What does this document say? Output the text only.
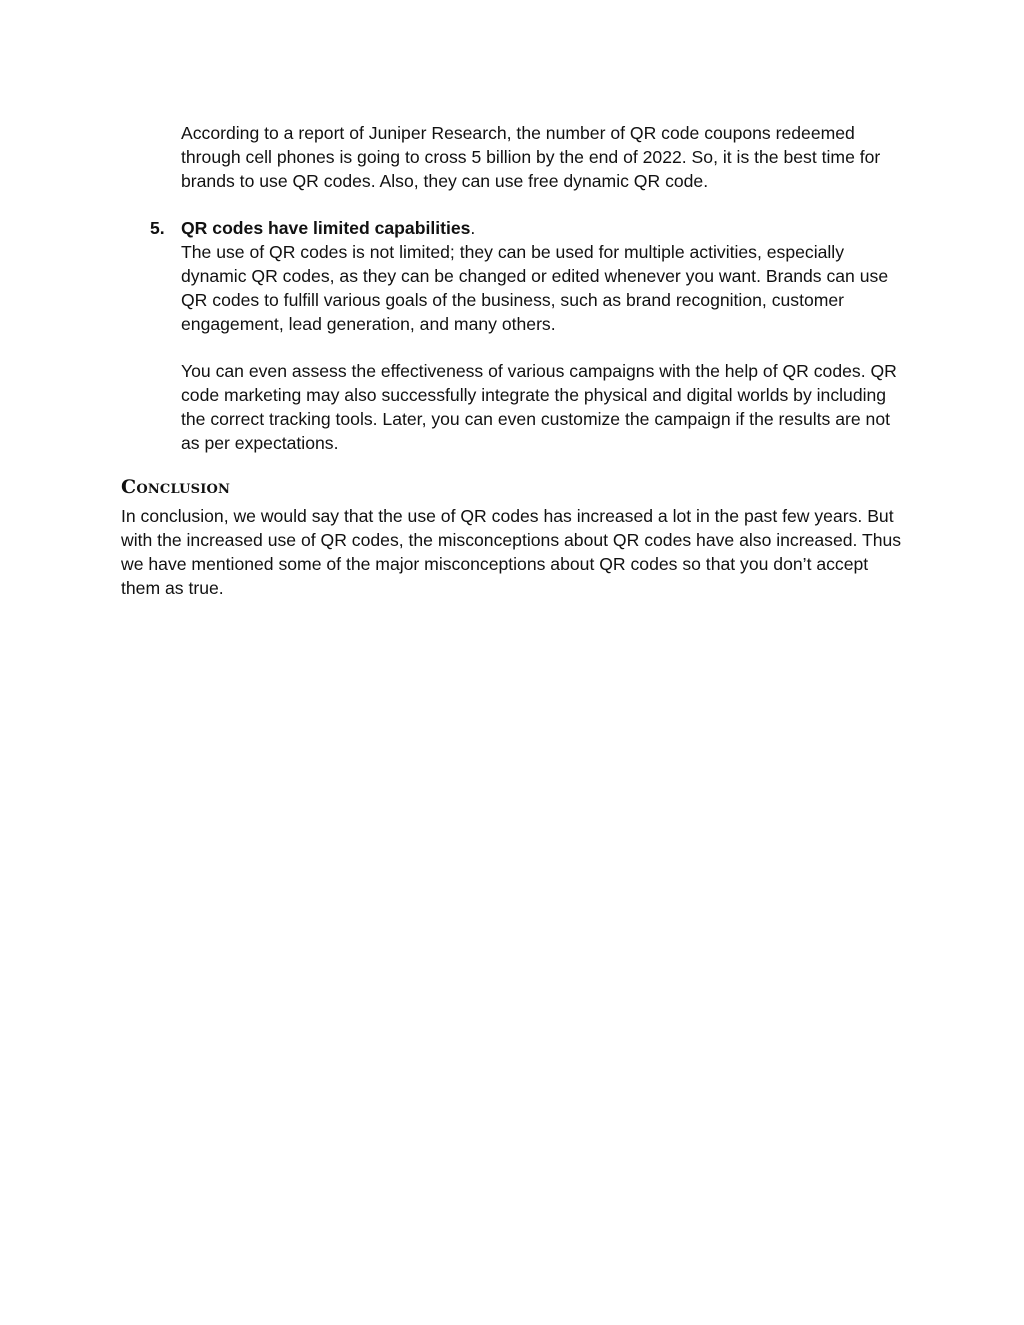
According to a report of Juniper Research, the number of QR code coupons redeemed through cell phones is going to cross 5 billion by the end of 2022. So, it is the best time for brands to use QR codes. Also, they can use free dynamic QR code.

5. QR codes have limited capabilities.

The use of QR codes is not limited; they can be used for multiple activities, especially dynamic QR codes, as they can be changed or edited whenever you want. Brands can use QR codes to fulfill various goals of the business, such as brand recognition, customer engagement, lead generation, and many others.

You can even assess the effectiveness of various campaigns with the help of QR codes. QR code marketing may also successfully integrate the physical and digital worlds by including the correct tracking tools. Later, you can even customize the campaign if the results are not as per expectations.

Conclusion

In conclusion, we would say that the use of QR codes has increased a lot in the past few years. But with the increased use of QR codes, the misconceptions about QR codes have also increased. Thus we have mentioned some of the major misconceptions about QR codes so that you don’t accept them as true.
